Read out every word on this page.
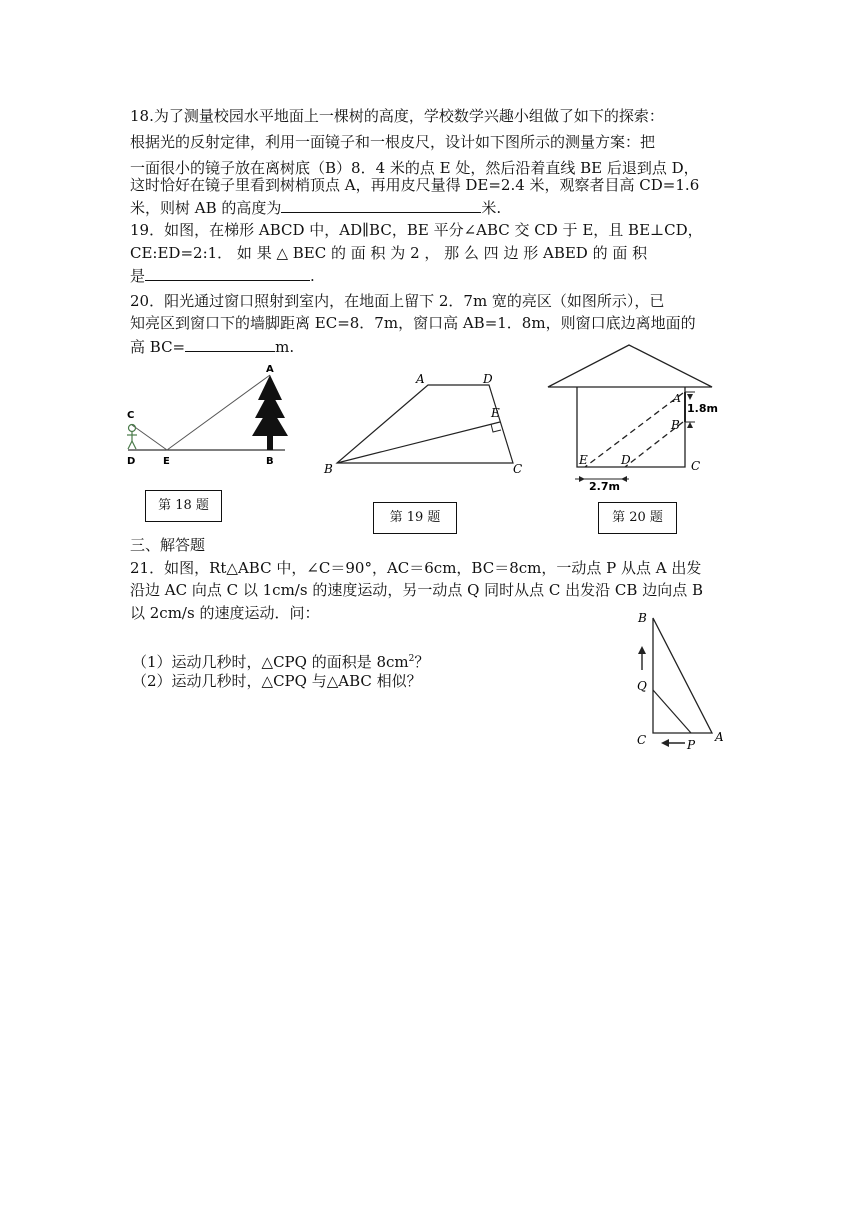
18.为了测量校园水平地面上一棵树的高度，学校数学兴趣小组做了如下的探索：
根据光的反射定律，利用一面镜子和一根皮尺，设计如下图所示的测量方案：把
一面很小的镜子放在离树底（B）8．4 米的点 E 处，然后沿着直线 BE 后退到点 D，
这时恰好在镜子里看到树梢顶点 A，再用皮尺量得 DE=2.4 米，观察者目高 CD=1.6
米，则树 AB 的高度为	米.
19．如图，在梯形 ABCD 中，AD∥BC，BE 平分∠ABC 交 CD 于 E，且 BE⊥CD，
CE:ED=2:1． 如 果 △ BEC 的 面 积 为 2 ， 那 么 四 边 形 ABED 的 面 积
是	.
20．阳光通过窗口照射到室内，在地面上留下 2．7m 宽的亮区（如图所示），已
知亮区到窗口下的墙脚距离 EC=8．7m，窗口高 AB=1．8m，则窗口底边离地面的
高 BC=	m.
A
C
D	E	B
第 18 题
A	D
E
B	C
第 19 题
A
B
C
D
E
1.8m
2.7m
第 20 题
三、解答题
21．如图，Rt△ABC 中，∠C＝90°，AC＝6cm，BC＝8cm，一动点 P 从点 A 出发
沿边 AC 向点 C 以 1cm/s 的速度运动，另一动点 Q 同时从点 C 出发沿 CB 边向点 B
以 2cm/s 的速度运动．问：
（1）运动几秒时，△CPQ 的面积是 $8cm^2$？
（2）运动几秒时，△CPQ 与△ABC 相似？
B
Q
C	A
P
